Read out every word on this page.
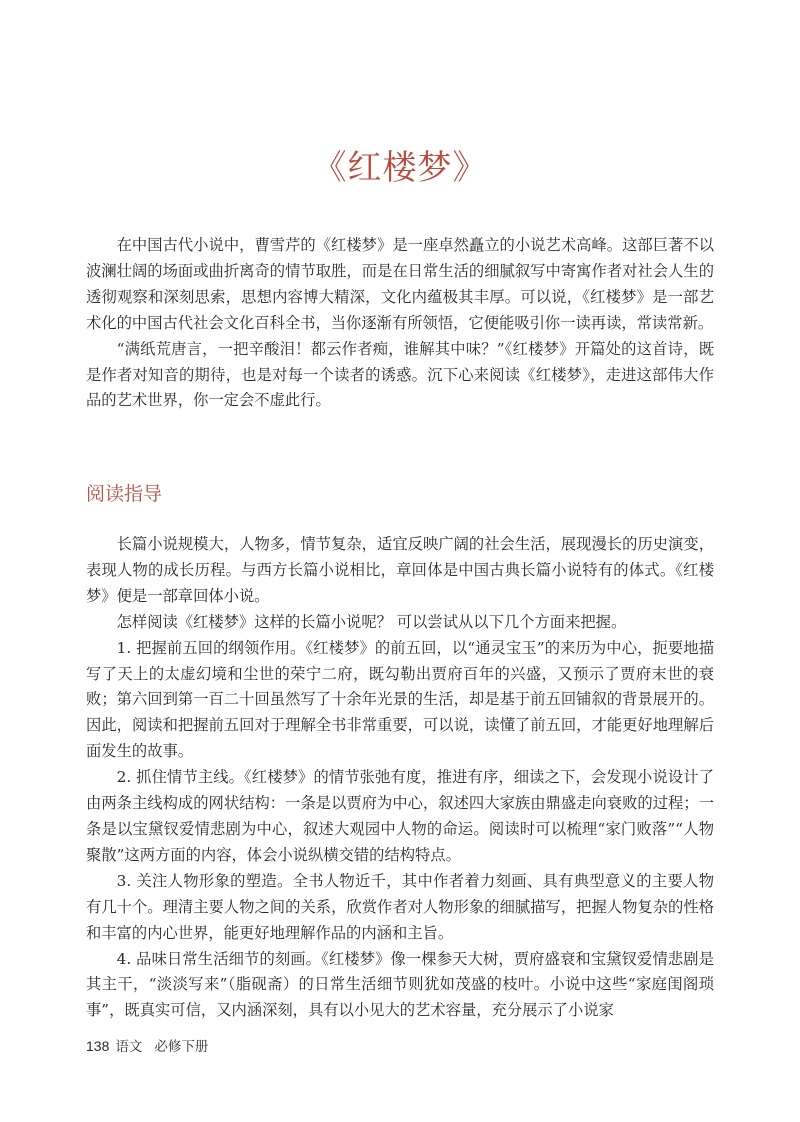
《红楼梦》

在中国古代小说中，曹雪芹的《红楼梦》是一座卓然矗立的小说艺术高峰。这部巨著不以波澜壮阔的场面或曲折离奇的情节取胜，而是在日常生活的细腻叙写中寄寓作者对社会人生的透彻观察和深刻思索，思想内容博大精深，文化内蕴极其丰厚。可以说，《红楼梦》是一部艺术化的中国古代社会文化百科全书，当你逐渐有所领悟，它便能吸引你一读再读，常读常新。

“满纸荒唐言，一把辛酸泪！都云作者痴，谁解其中味？”《红楼梦》开篇处的这首诗，既是作者对知音的期待，也是对每一个读者的诱惑。沉下心来阅读《红楼梦》，走进这部伟大作品的艺术世界，你一定会不虚此行。

阅读指导

长篇小说规模大，人物多，情节复杂，适宜反映广阔的社会生活，展现漫长的历史演变，表现人物的成长历程。与西方长篇小说相比，章回体是中国古典长篇小说特有的体式。《红楼梦》便是一部章回体小说。

怎样阅读《红楼梦》这样的长篇小说呢？ 可以尝试从以下几个方面来把握。

1. 把握前五回的纲领作用。《红楼梦》的前五回，以“通灵宝玉”的来历为中心，扼要地描写了天上的太虚幻境和尘世的荣宁二府，既勾勒出贾府百年的兴盛，又预示了贾府末世的衰败；第六回到第一百二十回虽然写了十余年光景的生活，却是基于前五回铺叙的背景展开的。因此，阅读和把握前五回对于理解全书非常重要，可以说，读懂了前五回，才能更好地理解后面发生的故事。

2. 抓住情节主线。《红楼梦》的情节张弛有度，推进有序，细读之下，会发现小说设计了由两条主线构成的网状结构：一条是以贾府为中心，叙述四大家族由鼎盛走向衰败的过程；一条是以宝黛钗爱情悲剧为中心，叙述大观园中人物的命运。阅读时可以梳理“家门败落”“人物聚散”这两方面的内容，体会小说纵横交错的结构特点。

3. 关注人物形象的塑造。全书人物近千，其中作者着力刻画、具有典型意义的主要人物有几十个。理清主要人物之间的关系，欣赏作者对人物形象的细腻描写，把握人物复杂的性格和丰富的内心世界，能更好地理解作品的内涵和主旨。

4. 品味日常生活细节的刻画。《红楼梦》像一棵参天大树，贾府盛衰和宝黛钗爱情悲剧是其主干，“淡淡写来”（脂砚斋）的日常生活细节则犹如茂盛的枝叶。小说中这些“家庭闺阁琐事”，既真实可信，又内涵深刻，具有以小见大的艺术容量，充分展示了小说家

138 语文 必修下册
